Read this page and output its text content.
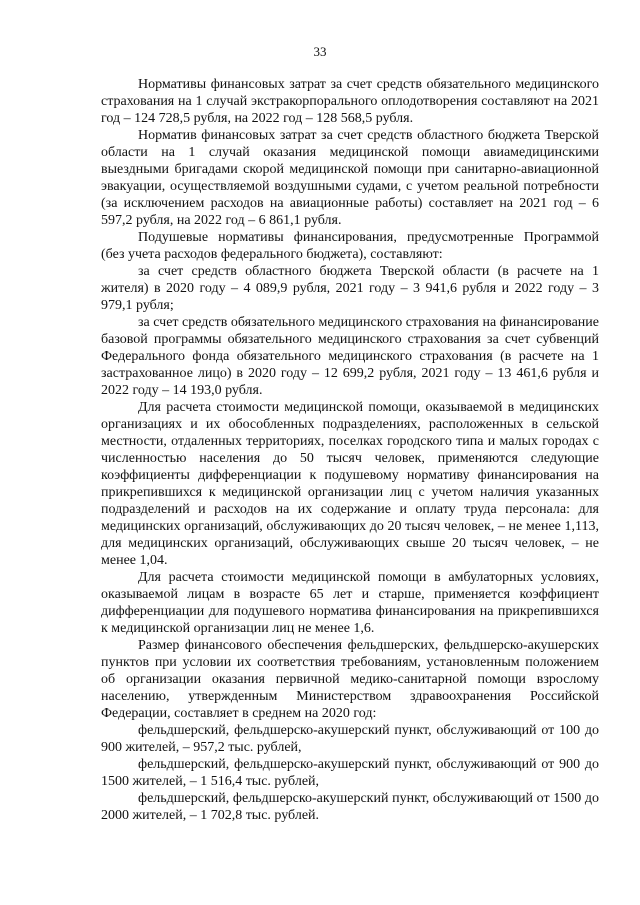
33

Нормативы финансовых затрат за счет средств обязательного медицинского страхования на 1 случай экстракорпорального оплодотворения составляют на 2021 год – 124 728,5 рубля, на 2022 год – 128 568,5 рубля.

Норматив финансовых затрат за счет средств областного бюджета Тверской области на 1 случай оказания медицинской помощи авиамедицинскими выездными бригадами скорой медицинской помощи при санитарно-авиационной эвакуации, осуществляемой воздушными судами, с учетом реальной потребности (за исключением расходов на авиационные работы) составляет на 2021 год – 6 597,2 рубля, на 2022 год – 6 861,1 рубля.

Подушевые нормативы финансирования, предусмотренные Программой (без учета расходов федерального бюджета), составляют:

за счет средств областного бюджета Тверской области (в расчете на 1 жителя) в 2020 году – 4 089,9 рубля, 2021 году – 3 941,6 рубля и 2022 году – 3 979,1 рубля;

за счет средств обязательного медицинского страхования на финансирование базовой программы обязательного медицинского страхования за счет субвенций Федерального фонда обязательного медицинского страхования (в расчете на 1 застрахованное лицо) в 2020 году – 12 699,2 рубля, 2021 году – 13 461,6 рубля и 2022 году – 14 193,0 рубля.

Для расчета стоимости медицинской помощи, оказываемой в медицинских организациях и их обособленных подразделениях, расположенных в сельской местности, отдаленных территориях, поселках городского типа и малых городах с численностью населения до 50 тысяч человек, применяются следующие коэффициенты дифференциации к подушевому нормативу финансирования на прикрепившихся к медицинской организации лиц с учетом наличия указанных подразделений и расходов на их содержание и оплату труда персонала: для медицинских организаций, обслуживающих до 20 тысяч человек, – не менее 1,113, для медицинских организаций, обслуживающих свыше 20 тысяч человек, – не менее 1,04.

Для расчета стоимости медицинской помощи в амбулаторных условиях, оказываемой лицам в возрасте 65 лет и старше, применяется коэффициент дифференциации для подушевого норматива финансирования на прикрепившихся к медицинской организации лиц не менее 1,6.

Размер финансового обеспечения фельдшерских, фельдшерско-акушерских пунктов при условии их соответствия требованиям, установленным положением об организации оказания первичной медико-санитарной помощи взрослому населению, утвержденным Министерством здравоохранения Российской Федерации, составляет в среднем на 2020 год:

фельдшерский, фельдшерско-акушерский пункт, обслуживающий от 100 до 900 жителей, – 957,2 тыс. рублей,

фельдшерский, фельдшерско-акушерский пункт, обслуживающий от 900 до 1500 жителей, – 1 516,4 тыс. рублей,

фельдшерский, фельдшерско-акушерский пункт, обслуживающий от 1500 до 2000 жителей, – 1 702,8 тыс. рублей.
